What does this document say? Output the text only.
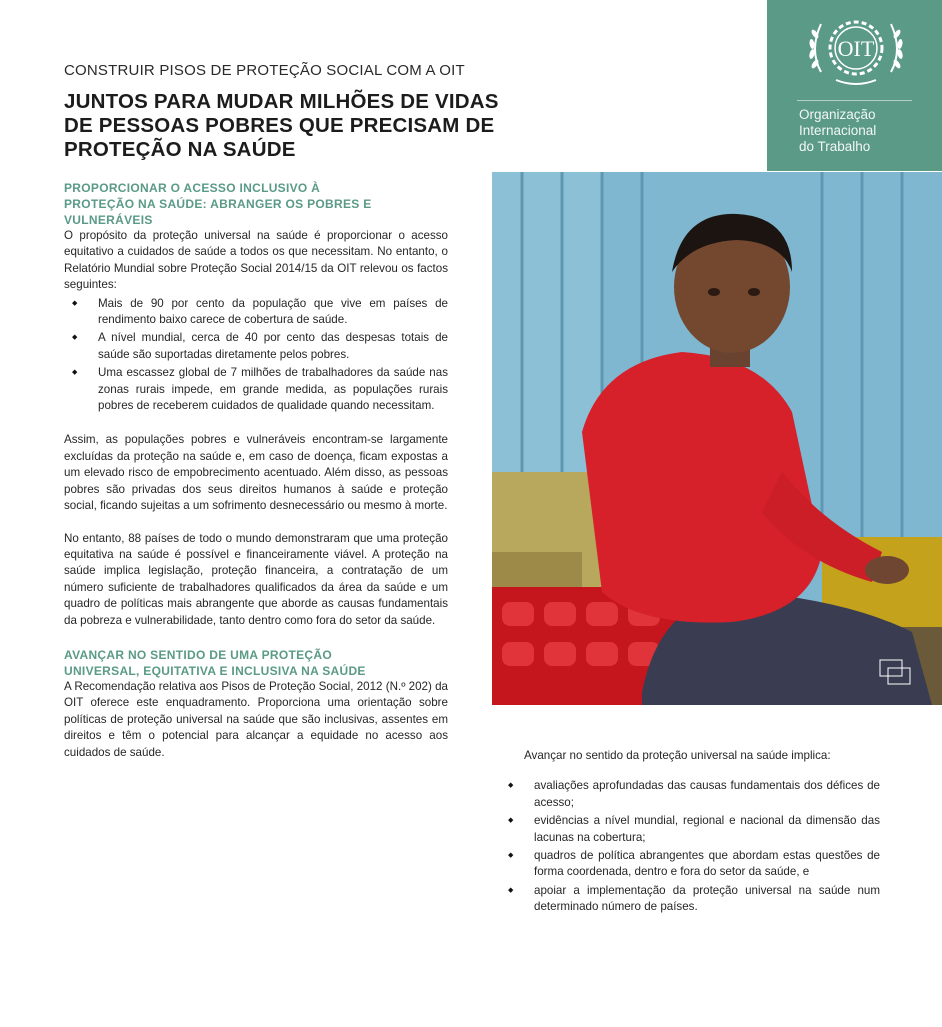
CONSTRUIR PISOS DE PROTEÇÃO SOCIAL COM A OIT
JUNTOS PARA MUDAR MILHÕES DE VIDAS
DE PESSOAS POBRES QUE PRECISAM DE
PROTEÇÃO NA SAÚDE
OIT
Organização
Internacional
do Trabalho
PROPORCIONAR O ACESSO INCLUSIVO À
PROTEÇÃO NA SAÚDE: ABRANGER OS POBRES E
VULNERÁVEIS

O propósito da proteção universal na saúde é proporcionar o acesso equitativo a cuidados de saúde a todos os que necessitam. No entanto, o Relatório Mundial sobre Proteção Social 2014/15 da OIT relevou os factos seguintes:

◆ Mais de 90 por cento da população que vive em países de rendimento baixo carece de cobertura de saúde.
◆ A nível mundial, cerca de 40 por cento das despesas totais de saúde são suportadas diretamente pelos pobres.
◆ Uma escassez global de 7 milhões de trabalhadores da saúde nas zonas rurais impede, em grande medida, as populações rurais pobres de receberem cuidados de qualidade quando necessitam.

Assim, as populações pobres e vulneráveis encontram-se largamente excluídas da proteção na saúde e, em caso de doença, ficam expostas a um elevado risco de empobrecimento acentuado. Além disso, as pessoas pobres são privadas dos seus direitos humanos à saúde e proteção social, ficando sujeitas a um sofrimento desnecessário ou mesmo à morte.

No entanto, 88 países de todo o mundo demonstraram que uma proteção equitativa na saúde é possível e financeiramente viável. A proteção na saúde implica legislação, proteção financeira, a contratação de um número suficiente de trabalhadores qualificados da área da saúde e um quadro de políticas mais abrangente que aborde as causas fundamentais da pobreza e vulnerabilidade, tanto dentro como fora do setor da saúde.

AVANÇAR NO SENTIDO DE UMA PROTEÇÃO
UNIVERSAL, EQUITATIVA E INCLUSIVA NA SAÚDE

A Recomendação relativa aos Pisos de Proteção Social, 2012 (N.º 202) da OIT oferece este enquadramento. Proporciona uma orientação sobre políticas de proteção universal na saúde que são inclusivas, assentes em direitos e têm o potencial para alcançar a equidade no acesso aos cuidados de saúde.	Avançar no sentido da proteção universal na saúde implica:

◆ avaliações aprofundadas das causas fundamentais dos défices de acesso;
◆ evidências a nível mundial, regional e nacional da dimensão das lacunas na cobertura;
◆ quadros de política abrangentes que abordam estas questões de forma coordenada, dentro e fora do setor da saúde, e
◆ apoiar a implementação da proteção universal na saúde num determinado número de países.
